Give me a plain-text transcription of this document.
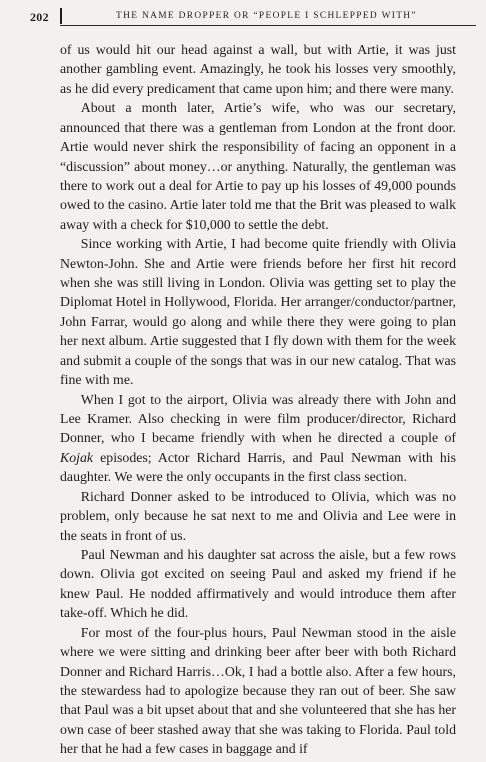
202	THE NAME DROPPER OR “PEOPLE I SCHLEPPED WITH”

of us would hit our head against a wall, but with Artie, it was just another gambling event. Amazingly, he took his losses very smoothly, as he did every predicament that came upon him; and there were many.

About a month later, Artie’s wife, who was our secretary, announced that there was a gentleman from London at the front door. Artie would never shirk the responsibility of facing an opponent in a “discussion” about money…or anything. Naturally, the gentleman was there to work out a deal for Artie to pay up his losses of 49,000 pounds owed to the casino. Artie later told me that the Brit was pleased to walk away with a check for $10,000 to settle the debt.

Since working with Artie, I had become quite friendly with Olivia Newton-John. She and Artie were friends before her first hit record when she was still living in London. Olivia was getting set to play the Diplomat Hotel in Hollywood, Florida. Her arranger/conductor/partner, John Farrar, would go along and while there they were going to plan her next album. Artie suggested that I fly down with them for the week and submit a couple of the songs that was in our new catalog. That was fine with me.

When I got to the airport, Olivia was already there with John and Lee Kramer. Also checking in were film producer/director, Richard Donner, who I became friendly with when he directed a couple of Kojak episodes; Actor Richard Harris, and Paul Newman with his daughter. We were the only occupants in the first class section.

Richard Donner asked to be introduced to Olivia, which was no problem, only because he sat next to me and Olivia and Lee were in the seats in front of us.

Paul Newman and his daughter sat across the aisle, but a few rows down. Olivia got excited on seeing Paul and asked my friend if he knew Paul. He nodded affirmatively and would introduce them after take-off. Which he did.

For most of the four-plus hours, Paul Newman stood in the aisle where we were sitting and drinking beer after beer with both Richard Donner and Richard Harris…Ok, I had a bottle also. After a few hours, the stewardess had to apologize because they ran out of beer. She saw that Paul was a bit upset about that and she volunteered that she has her own case of beer stashed away that she was taking to Florida. Paul told her that he had a few cases in baggage and if
